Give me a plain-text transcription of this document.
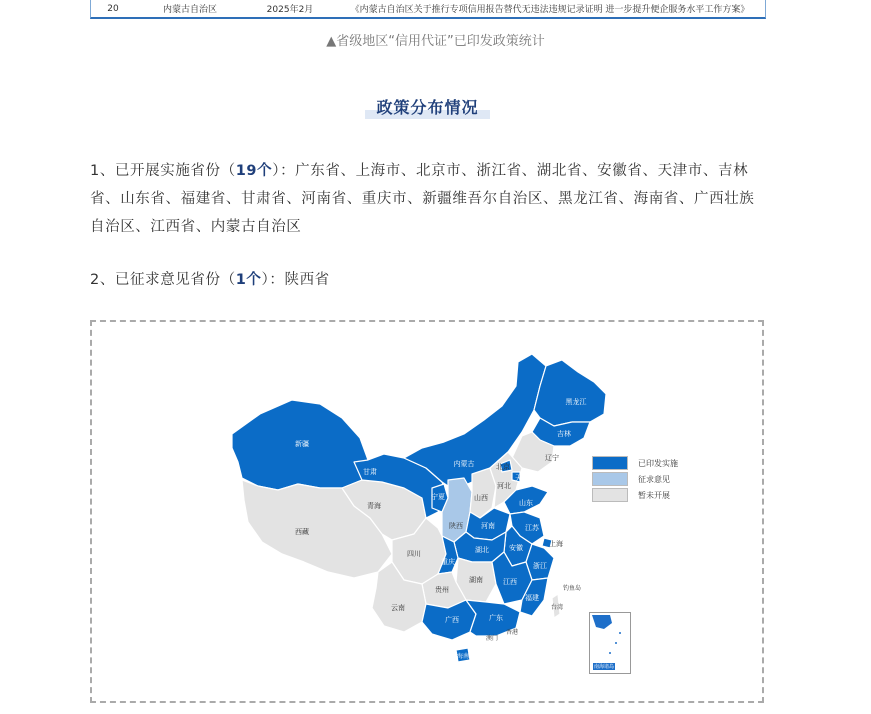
20	内蒙古自治区	2025年2月	《内蒙古自治区关于推行专项信用报告替代无违法违规记录证明 进一步提升便企服务水平工作方案》
▲省级地区“信用代证”已印发政策统计
政策分布情况
1、已开展实施省份（19个）：广东省、上海市、北京市、浙江省、湖北省、安徽省、天津市、吉林省、山东省、福建省、甘肃省、河南省、重庆市、新疆维吾尔自治区、黑龙江省、海南省、广西壮族自治区、江西省、内蒙古自治区
2、已征求意见省份（1个）：陕西省
新疆
西藏
青海
甘肃
内蒙古
黑龙江
吉林
辽宁
宁夏	山西
河北
北京
天津
山东
陕西	河南	江苏
上海
安徽
湖北
浙江
四川
重庆
湖南	江西
福建
贵州
云南
广西	广东
台湾
海南
澳门
香港
钓鱼岛
已印发实施
征求意见
暂未开展
南海诸岛
